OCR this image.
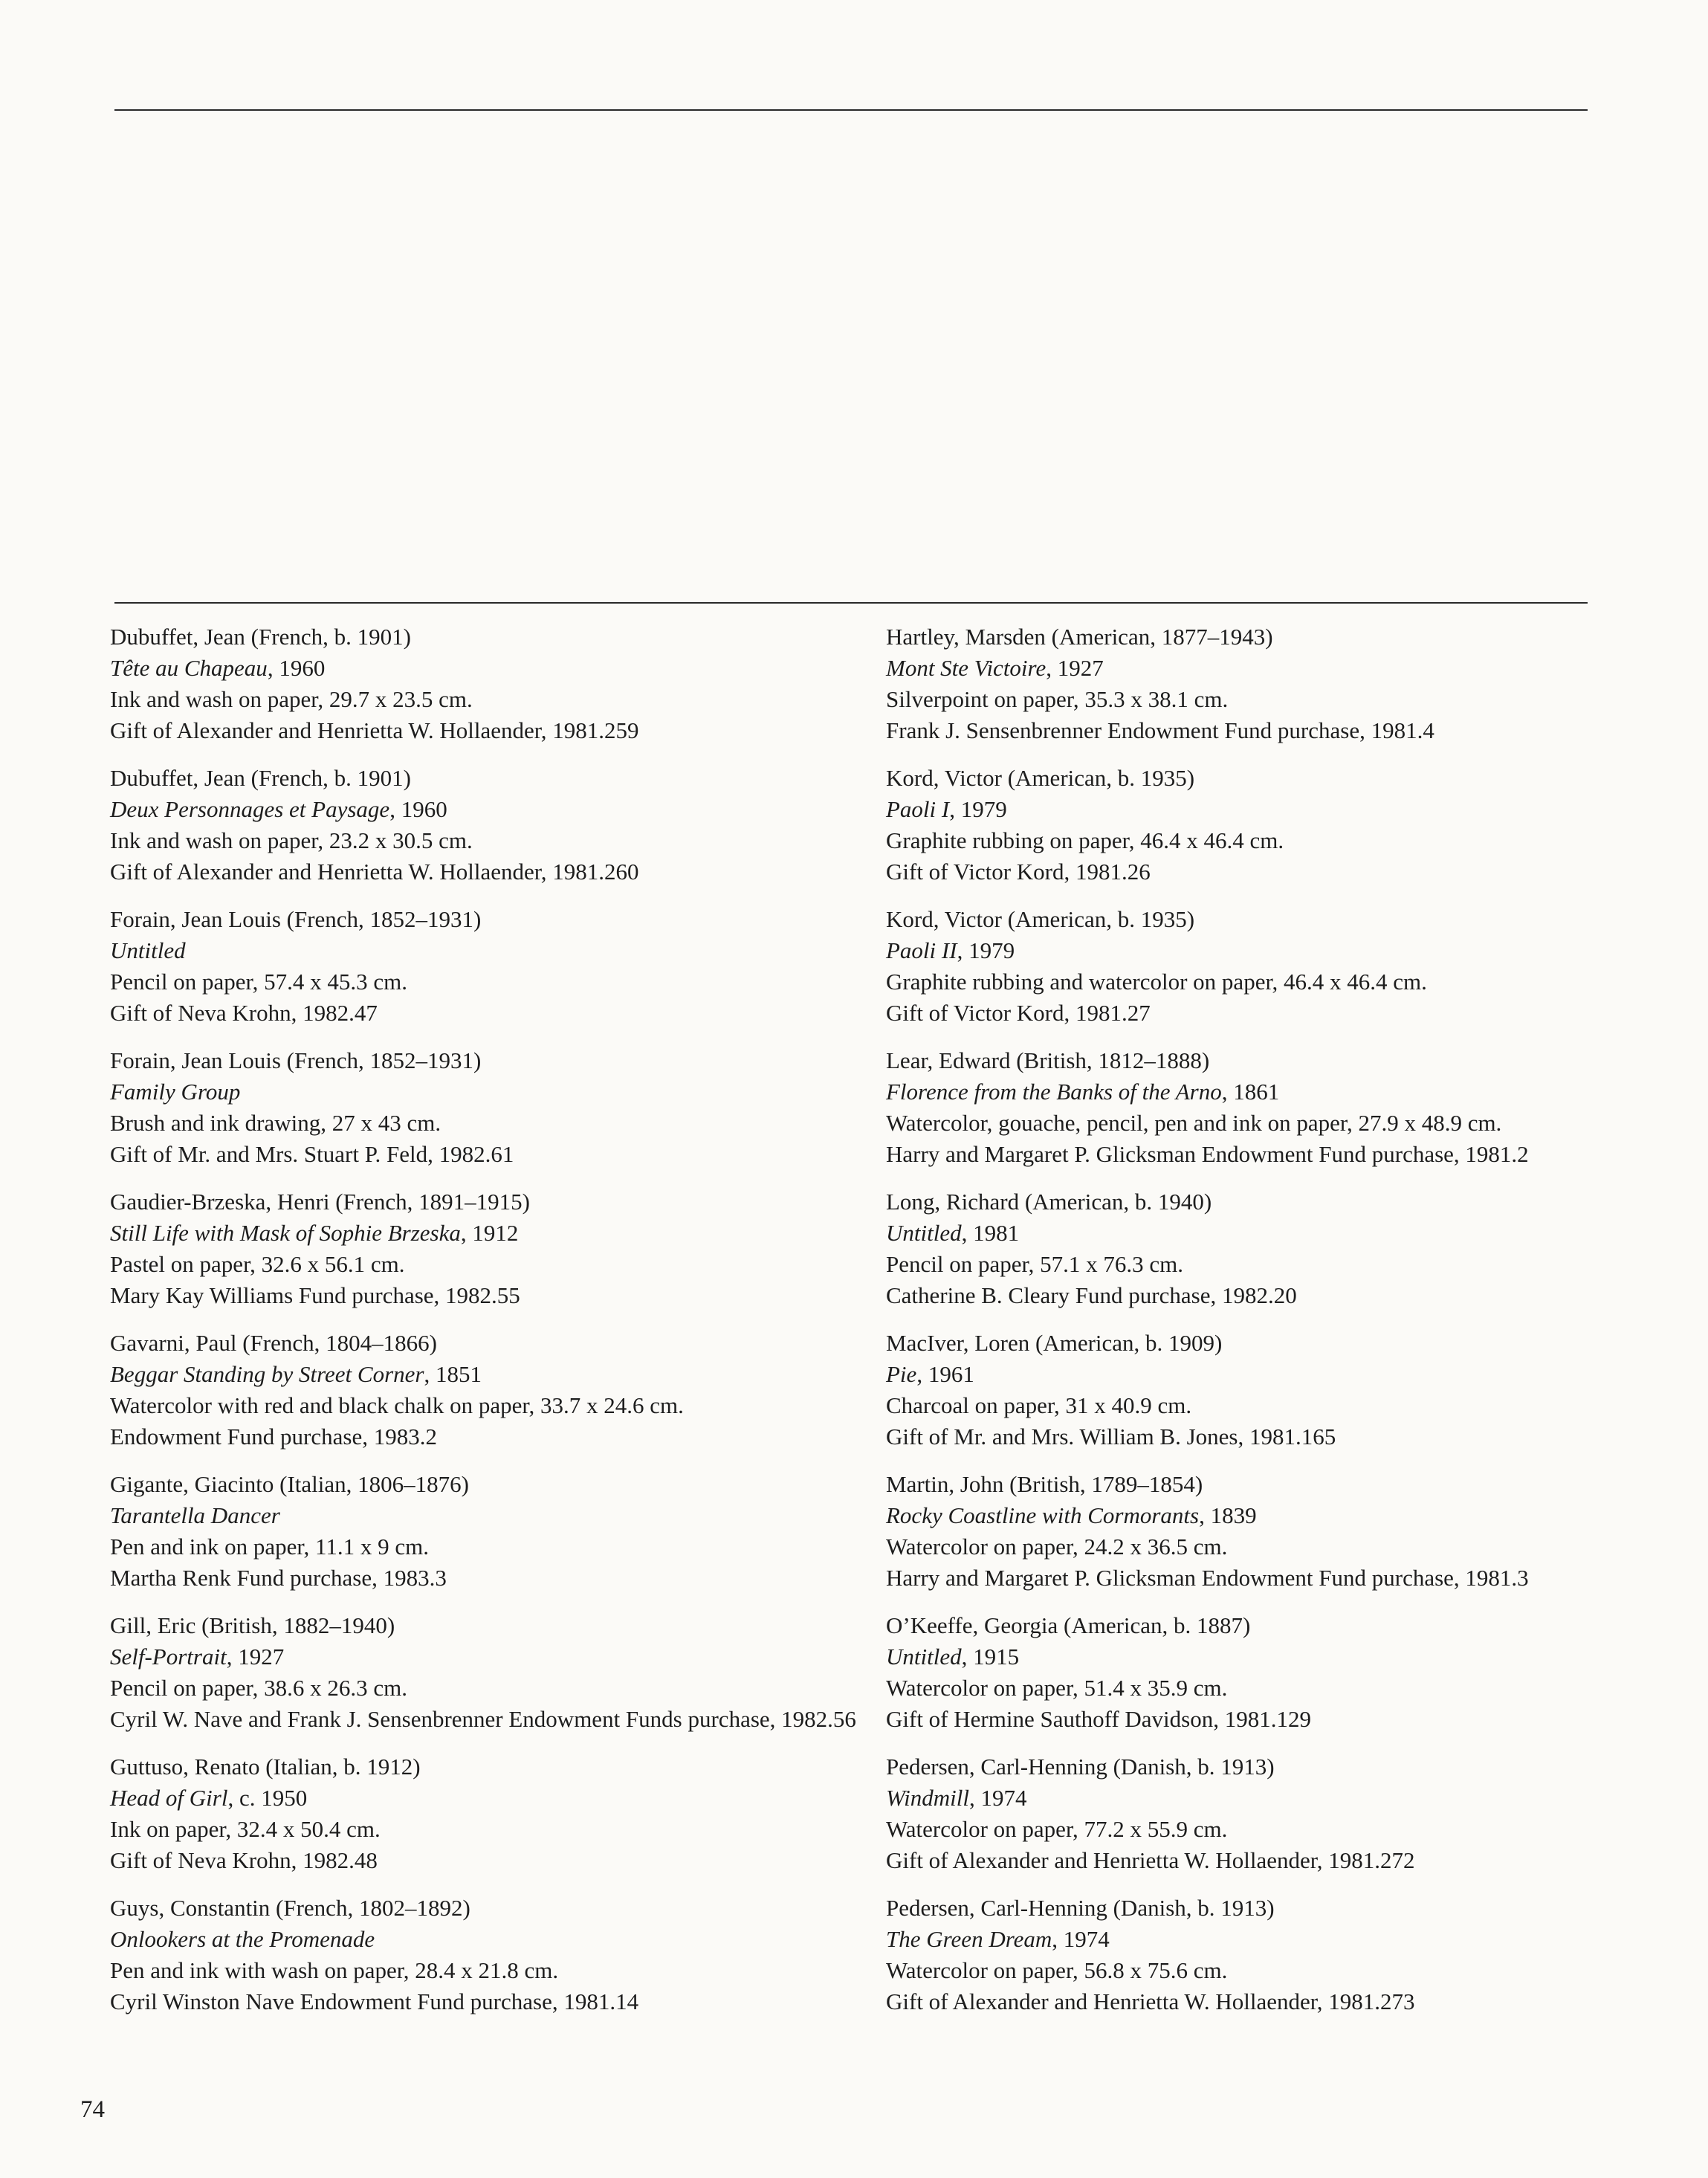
Dubuffet, Jean (French, b. 1901)
Tête au Chapeau, 1960
Ink and wash on paper, 29.7 x 23.5 cm.
Gift of Alexander and Henrietta W. Hollaender, 1981.259
Dubuffet, Jean (French, b. 1901)
Deux Personnages et Paysage, 1960
Ink and wash on paper, 23.2 x 30.5 cm.
Gift of Alexander and Henrietta W. Hollaender, 1981.260
Forain, Jean Louis (French, 1852–1931)
Untitled
Pencil on paper, 57.4 x 45.3 cm.
Gift of Neva Krohn, 1982.47
Forain, Jean Louis (French, 1852–1931)
Family Group
Brush and ink drawing, 27 x 43 cm.
Gift of Mr. and Mrs. Stuart P. Feld, 1982.61
Gaudier-Brzeska, Henri (French, 1891–1915)
Still Life with Mask of Sophie Brzeska, 1912
Pastel on paper, 32.6 x 56.1 cm.
Mary Kay Williams Fund purchase, 1982.55
Gavarni, Paul (French, 1804–1866)
Beggar Standing by Street Corner, 1851
Watercolor with red and black chalk on paper, 33.7 x 24.6 cm.
Endowment Fund purchase, 1983.2
Gigante, Giacinto (Italian, 1806–1876)
Tarantella Dancer
Pen and ink on paper, 11.1 x 9 cm.
Martha Renk Fund purchase, 1983.3
Gill, Eric (British, 1882–1940)
Self-Portrait, 1927
Pencil on paper, 38.6 x 26.3 cm.
Cyril W. Nave and Frank J. Sensenbrenner Endowment Funds purchase, 1982.56
Guttuso, Renato (Italian, b. 1912)
Head of Girl, c. 1950
Ink on paper, 32.4 x 50.4 cm.
Gift of Neva Krohn, 1982.48
Guys, Constantin (French, 1802–1892)
Onlookers at the Promenade
Pen and ink with wash on paper, 28.4 x 21.8 cm.
Cyril Winston Nave Endowment Fund purchase, 1981.14
Hartley, Marsden (American, 1877–1943)
Mont Ste Victoire, 1927
Silverpoint on paper, 35.3 x 38.1 cm.
Frank J. Sensenbrenner Endowment Fund purchase, 1981.4
Kord, Victor (American, b. 1935)
Paoli I, 1979
Graphite rubbing on paper, 46.4 x 46.4 cm.
Gift of Victor Kord, 1981.26
Kord, Victor (American, b. 1935)
Paoli II, 1979
Graphite rubbing and watercolor on paper, 46.4 x 46.4 cm.
Gift of Victor Kord, 1981.27
Lear, Edward (British, 1812–1888)
Florence from the Banks of the Arno, 1861
Watercolor, gouache, pencil, pen and ink on paper, 27.9 x 48.9 cm.
Harry and Margaret P. Glicksman Endowment Fund purchase, 1981.2
Long, Richard (American, b. 1940)
Untitled, 1981
Pencil on paper, 57.1 x 76.3 cm.
Catherine B. Cleary Fund purchase, 1982.20
MacIver, Loren (American, b. 1909)
Pie, 1961
Charcoal on paper, 31 x 40.9 cm.
Gift of Mr. and Mrs. William B. Jones, 1981.165
Martin, John (British, 1789–1854)
Rocky Coastline with Cormorants, 1839
Watercolor on paper, 24.2 x 36.5 cm.
Harry and Margaret P. Glicksman Endowment Fund purchase, 1981.3
O’Keeffe, Georgia (American, b. 1887)
Untitled, 1915
Watercolor on paper, 51.4 x 35.9 cm.
Gift of Hermine Sauthoff Davidson, 1981.129
Pedersen, Carl-Henning (Danish, b. 1913)
Windmill, 1974
Watercolor on paper, 77.2 x 55.9 cm.
Gift of Alexander and Henrietta W. Hollaender, 1981.272
Pedersen, Carl-Henning (Danish, b. 1913)
The Green Dream, 1974
Watercolor on paper, 56.8 x 75.6 cm.
Gift of Alexander and Henrietta W. Hollaender, 1981.273
74
